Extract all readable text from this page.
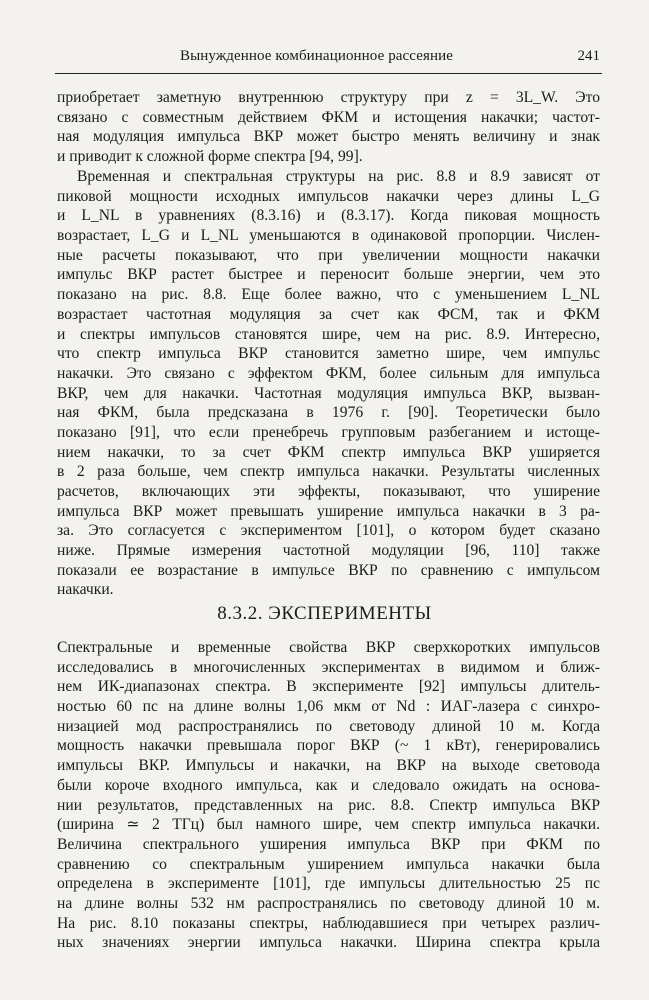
Вынужденное комбинационное рассеяние	241
приобретает заметную внутреннюю структуру при z = 3L_W. Это
связано с совместным действием ФКМ и истощения накачки; частот-
ная модуляция импульса ВКР может быстро менять величину и знак
и приводит к сложной форме спектра [94, 99].
Временная и спектральная структуры на рис. 8.8 и 8.9 зависят от
пиковой мощности исходных импульсов накачки через длины L_G
и L_NL в уравнениях (8.3.16) и (8.3.17). Когда пиковая мощность
возрастает, L_G и L_NL уменьшаются в одинаковой пропорции. Числен-
ные расчеты показывают, что при увеличении мощности накачки
импульс ВКР растет быстрее и переносит больше энергии, чем это
показано на рис. 8.8. Еще более важно, что с уменьшением L_NL
возрастает частотная модуляция за счет как ФСМ, так и ФКМ
и спектры импульсов становятся шире, чем на рис. 8.9. Интересно,
что спектр импульса ВКР становится заметно шире, чем импульс
накачки. Это связано с эффектом ФКМ, более сильным для импульса
ВКР, чем для накачки. Частотная модуляция импульса ВКР, вызван-
ная ФКМ, была предсказана в 1976 г. [90]. Теоретически было
показано [91], что если пренебречь групповым разбеганием и истоще-
нием накачки, то за счет ФКМ спектр импульса ВКР уширяется
в 2 раза больше, чем спектр импульса накачки. Результаты численных
расчетов, включающих эти эффекты, показывают, что уширение
импульса ВКР может превышать уширение импульса накачки в 3 ра-
за. Это согласуется с экспериментом [101], о котором будет сказано
ниже. Прямые измерения частотной модуляции [96, 110] также
показали ее возрастание в импульсе ВКР по сравнению с импульсом
накачки.
8.3.2. ЭКСПЕРИМЕНТЫ
Спектральные и временные свойства ВКР сверхкоротких импульсов
исследовались в многочисленных экспериментах в видимом и ближ-
нем ИК-диапазонах спектра. В эксперименте [92] импульсы длитель-
ностью 60 пс на длине волны 1,06 мкм от Nd : ИАГ-лазера с синхро-
низацией мод распространялись по световоду длиной 10 м. Когда
мощность накачки превышала порог ВКР (~ 1 кВт), генерировались
импульсы ВКР. Импульсы и накачки, на ВКР на выходе световода
были короче входного импульса, как и следовало ожидать на основа-
нии результатов, представленных на рис. 8.8. Спектр импульса ВКР
(ширина ≃ 2 ТГц) был намного шире, чем спектр импульса накачки.
Величина спектрального уширения импульса ВКР при ФКМ по
сравнению со спектральным уширением импульса накачки была
определена в эксперименте [101], где импульсы длительностью 25 пс
на длине волны 532 нм распространялись по световоду длиной 10 м.
На рис. 8.10 показаны спектры, наблюдавшиеся при четырех различ-
ных значениях энергии импульса накачки. Ширина спектра крыла
